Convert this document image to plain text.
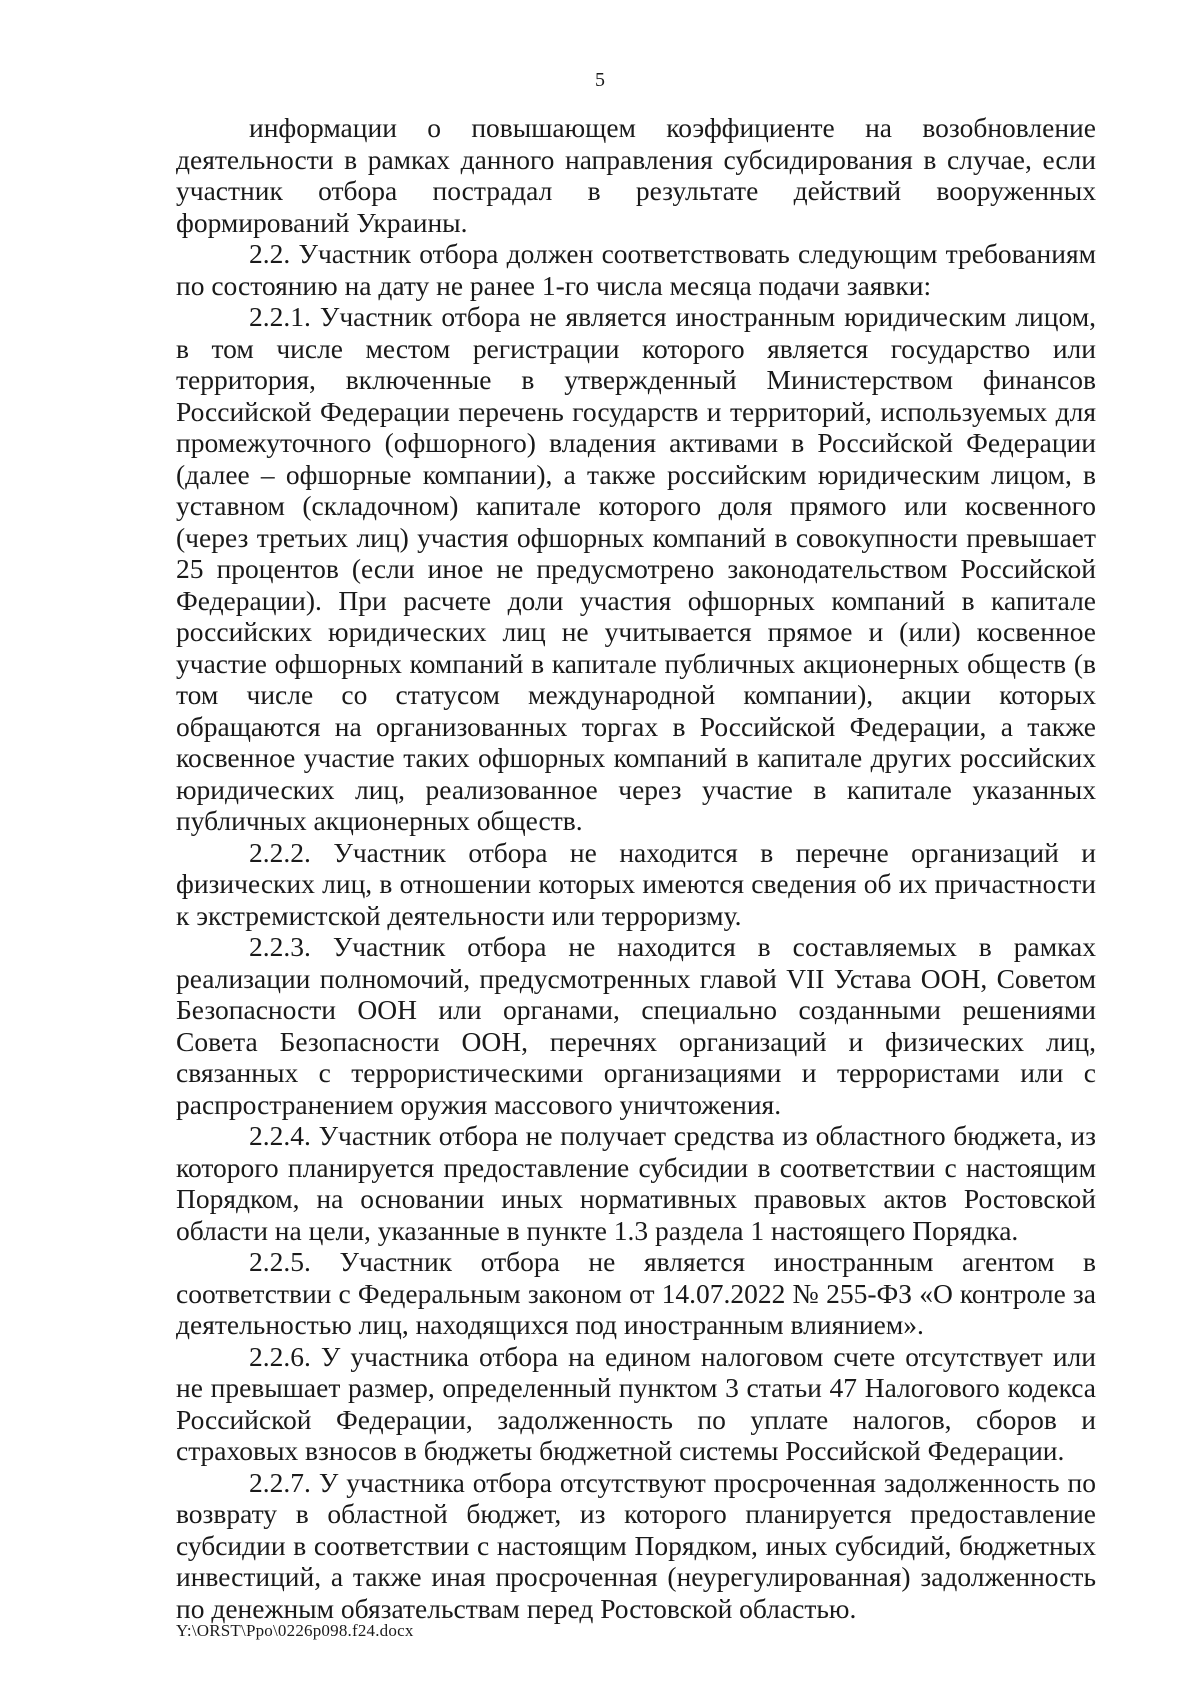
5

информации о повышающем коэффициенте на возобновление деятельности в рамках данного направления субсидирования в случае, если участник отбора пострадал в результате действий вооруженных формирований Украины.

2.2. Участник отбора должен соответствовать следующим требованиям по состоянию на дату не ранее 1-го числа месяца подачи заявки:

2.2.1. Участник отбора не является иностранным юридическим лицом, в том числе местом регистрации которого является государство или территория, включенные в утвержденный Министерством финансов Российской Федерации перечень государств и территорий, используемых для промежуточного (офшорного) владения активами в Российской Федерации (далее – офшорные компании), а также российским юридическим лицом, в уставном (складочном) капитале которого доля прямого или косвенного (через третьих лиц) участия офшорных компаний в совокупности превышает 25 процентов (если иное не предусмотрено законодательством Российской Федерации). При расчете доли участия офшорных компаний в капитале российских юридических лиц не учитывается прямое и (или) косвенное участие офшорных компаний в капитале публичных акционерных обществ (в том числе со статусом международной компании), акции которых обращаются на организованных торгах в Российской Федерации, а также косвенное участие таких офшорных компаний в капитале других российских юридических лиц, реализованное через участие в капитале указанных публичных акционерных обществ.

2.2.2. Участник отбора не находится в перечне организаций и физических лиц, в отношении которых имеются сведения об их причастности к экстремистской деятельности или терроризму.

2.2.3. Участник отбора не находится в составляемых в рамках реализации полномочий, предусмотренных главой VII Устава ООН, Советом Безопасности ООН или органами, специально созданными решениями Совета Безопасности ООН, перечнях организаций и физических лиц, связанных с террористическими организациями и террористами или с распространением оружия массового уничтожения.

2.2.4. Участник отбора не получает средства из областного бюджета, из которого планируется предоставление субсидии в соответствии с настоящим Порядком, на основании иных нормативных правовых актов Ростовской области на цели, указанные в пункте 1.3 раздела 1 настоящего Порядка.

2.2.5. Участник отбора не является иностранным агентом в соответствии с Федеральным законом от 14.07.2022 № 255-ФЗ «О контроле за деятельностью лиц, находящихся под иностранным влиянием».

2.2.6. У участника отбора на едином налоговом счете отсутствует или не превышает размер, определенный пунктом 3 статьи 47 Налогового кодекса Российской Федерации, задолженность по уплате налогов, сборов и страховых взносов в бюджеты бюджетной системы Российской Федерации.

2.2.7. У участника отбора отсутствуют просроченная задолженность по возврату в областной бюджет, из которого планируется предоставление субсидии в соответствии с настоящим Порядком, иных субсидий, бюджетных инвестиций, а также иная просроченная (неурегулированная) задолженность по денежным обязательствам перед Ростовской областью.

Y:\ORST\Ppo\0226p098.f24.docx
